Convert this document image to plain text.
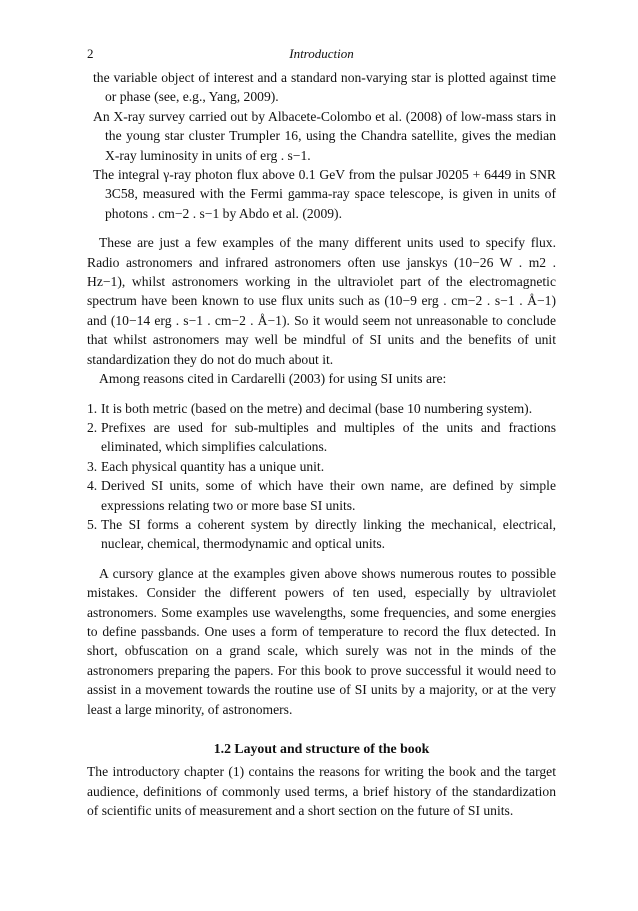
2	Introduction

the variable object of interest and a standard non-varying star is plotted against time or phase (see, e.g., Yang, 2009).

An X-ray survey carried out by Albacete-Colombo et al. (2008) of low-mass stars in the young star cluster Trumpler 16, using the Chandra satellite, gives the median X-ray luminosity in units of erg . s−1.

The integral γ-ray photon flux above 0.1 GeV from the pulsar J0205 + 6449 in SNR 3C58, measured with the Fermi gamma-ray space telescope, is given in units of photons . cm−2 . s−1 by Abdo et al. (2009).

These are just a few examples of the many different units used to specify flux. Radio astronomers and infrared astronomers often use janskys (10−26 W . m2 . Hz−1), whilst astronomers working in the ultraviolet part of the electromagnetic spectrum have been known to use flux units such as (10−9 erg . cm−2 . s−1 . Å−1) and (10−14 erg . s−1 . cm−2 . Å−1). So it would seem not unreasonable to conclude that whilst astronomers may well be mindful of SI units and the benefits of unit standardization they do not do much about it.

Among reasons cited in Cardarelli (2003) for using SI units are:

1. It is both metric (based on the metre) and decimal (base 10 numbering system).
2. Prefixes are used for sub-multiples and multiples of the units and fractions eliminated, which simplifies calculations.
3. Each physical quantity has a unique unit.
4. Derived SI units, some of which have their own name, are defined by simple expressions relating two or more base SI units.
5. The SI forms a coherent system by directly linking the mechanical, electrical, nuclear, chemical, thermodynamic and optical units.

A cursory glance at the examples given above shows numerous routes to possible mistakes. Consider the different powers of ten used, especially by ultraviolet astronomers. Some examples use wavelengths, some frequencies, and some energies to define passbands. One uses a form of temperature to record the flux detected. In short, obfuscation on a grand scale, which surely was not in the minds of the astronomers preparing the papers. For this book to prove successful it would need to assist in a movement towards the routine use of SI units by a majority, or at the very least a large minority, of astronomers.

1.2 Layout and structure of the book

The introductory chapter (1) contains the reasons for writing the book and the target audience, definitions of commonly used terms, a brief history of the standardization of scientific units of measurement and a short section on the future of SI units.
